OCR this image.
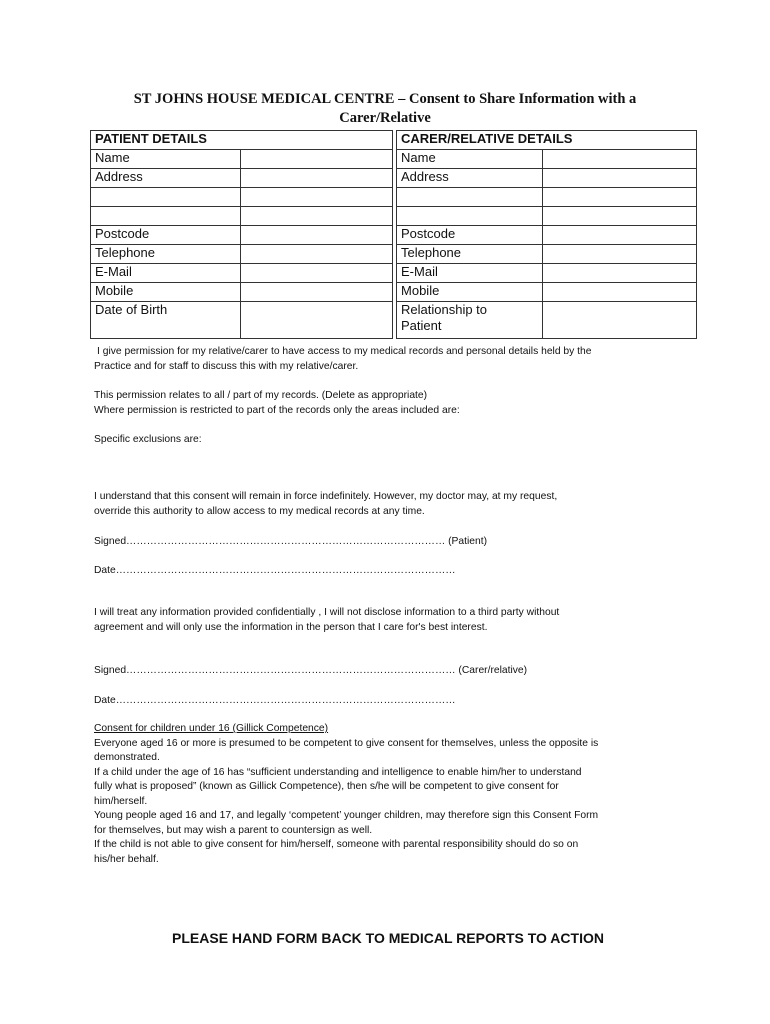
ST JOHNS HOUSE MEDICAL CENTRE – Consent to Share Information with a
Carer/Relative
PATIENT DETAILS			CARER/RELATIVE DETAILS	
Name			Name	
Address			Address	

Postcode			Postcode	
Telephone			Telephone	
E-Mail			E-Mail	
Mobile			Mobile	
Date of Birth			Relationship to
Patient	

I give permission for my relative/carer to have access to my medical records and personal details held by the

Practice and for staff to discuss this with my relative/carer.

This permission relates to all / part of my records. (Delete as appropriate)

Where permission is restricted to part of the records only the areas included are:

Specific exclusions are:

I understand that this consent will remain in force indefinitely. However, my doctor may, at my request,

override this authority to allow access to my medical records at any time.

Signed………………………………………………………………………………… (Patient)
Date………………………………………………………………………………………

I will treat any information provided confidentially , I will not disclose information to a third party without

agreement and will only use the information in the person that I care for's best interest.

Signed…………………………………………………………………………………… (Carer/relative)
Date………………………………………………………………………………………

Consent for children under 16 (Gillick Competence)

Everyone aged 16 or more is presumed to be competent to give consent for themselves, unless the opposite is

demonstrated.

If a child under the age of 16 has “sufficient understanding and intelligence to enable him/her to understand

fully what is proposed” (known as Gillick Competence), then s/he will be competent to give consent for

him/herself.

Young people aged 16 and 17, and legally ‘competent’ younger children, may therefore sign this Consent Form

for themselves, but may wish a parent to countersign as well.

If the child is not able to give consent for him/herself, someone with parental responsibility should do so on

his/her behalf.

PLEASE HAND FORM BACK TO MEDICAL REPORTS TO ACTION
